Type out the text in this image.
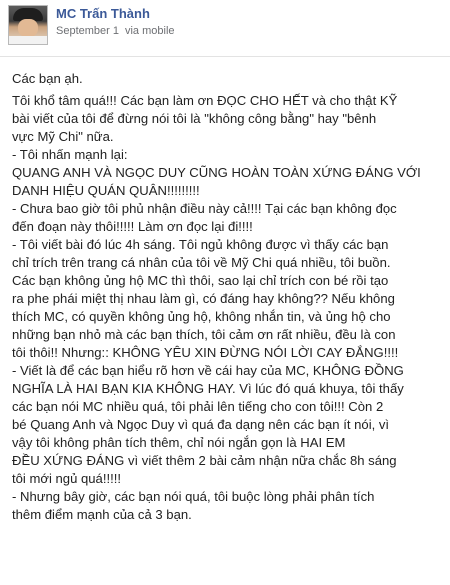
MC Trấn Thành
September 1 via mobile
Các bạn ạh.
Tôi khổ tâm quá!!! Các bạn làm ơn ĐỌC CHO HẾT và cho thật KỸ
bài viết của tôi để đừng nói tôi là "không công bằng" hay "bênh
vực Mỹ Chi" nữa.
- Tôi nhấn mạnh lại:
QUANG ANH VÀ NGỌC DUY CŨNG HOÀN TOÀN XỨNG ĐÁNG VỚI
DANH HIỆU QUÁN QUÂN!!!!!!!!!
- Chưa bao giờ tôi phủ nhận điều này cả!!!! Tại các bạn không đọc
đến đoạn này thôi!!!!! Làm ơn đọc lại đi!!!!
- Tôi viết bài đó lúc 4h sáng. Tôi ngủ không được vì thấy các bạn
chỉ trích trên trang cá nhân của tôi về Mỹ Chi quá nhiều, tôi buồn.
Các bạn không ủng hộ MC thì thôi, sao lại chỉ trích con bé rồi tạo
ra phe phái miệt thị nhau làm gì, có đáng hay không?? Nếu không
thích MC, có quyền không ủng hộ, không nhắn tin, và ủng hộ cho
những bạn nhỏ mà các bạn thích, tôi cảm ơn rất nhiều, đều là con
tôi thôi!! Nhưng:: KHÔNG YÊU XIN ĐỪNG NÓI LỜI CAY ĐẮNG!!!!
- Viết là để các bạn hiểu rõ hơn về cái hay của MC, KHÔNG ĐỒNG
NGHĨA LÀ HAI BẠN KIA KHÔNG HAY. Vì lúc đó quá khuya, tôi thấy
các bạn nói MC nhiều quá, tôi phải lên tiếng cho con tôi!!! Còn 2
bé Quang Anh và Ngọc Duy vì quá đa dạng nên các bạn ít nói, vì
vậy tôi không phân tích thêm, chỉ nói ngắn gọn là HAI EM
ĐỀU XỨNG ĐÁNG vì viết thêm 2 bài cảm nhận nữa chắc 8h sáng
tôi mới ngủ quá!!!!!
- Nhưng bây giờ, các bạn nói quá, tôi buộc lòng phải phân tích
thêm điểm mạnh của cả 3 bạn.
